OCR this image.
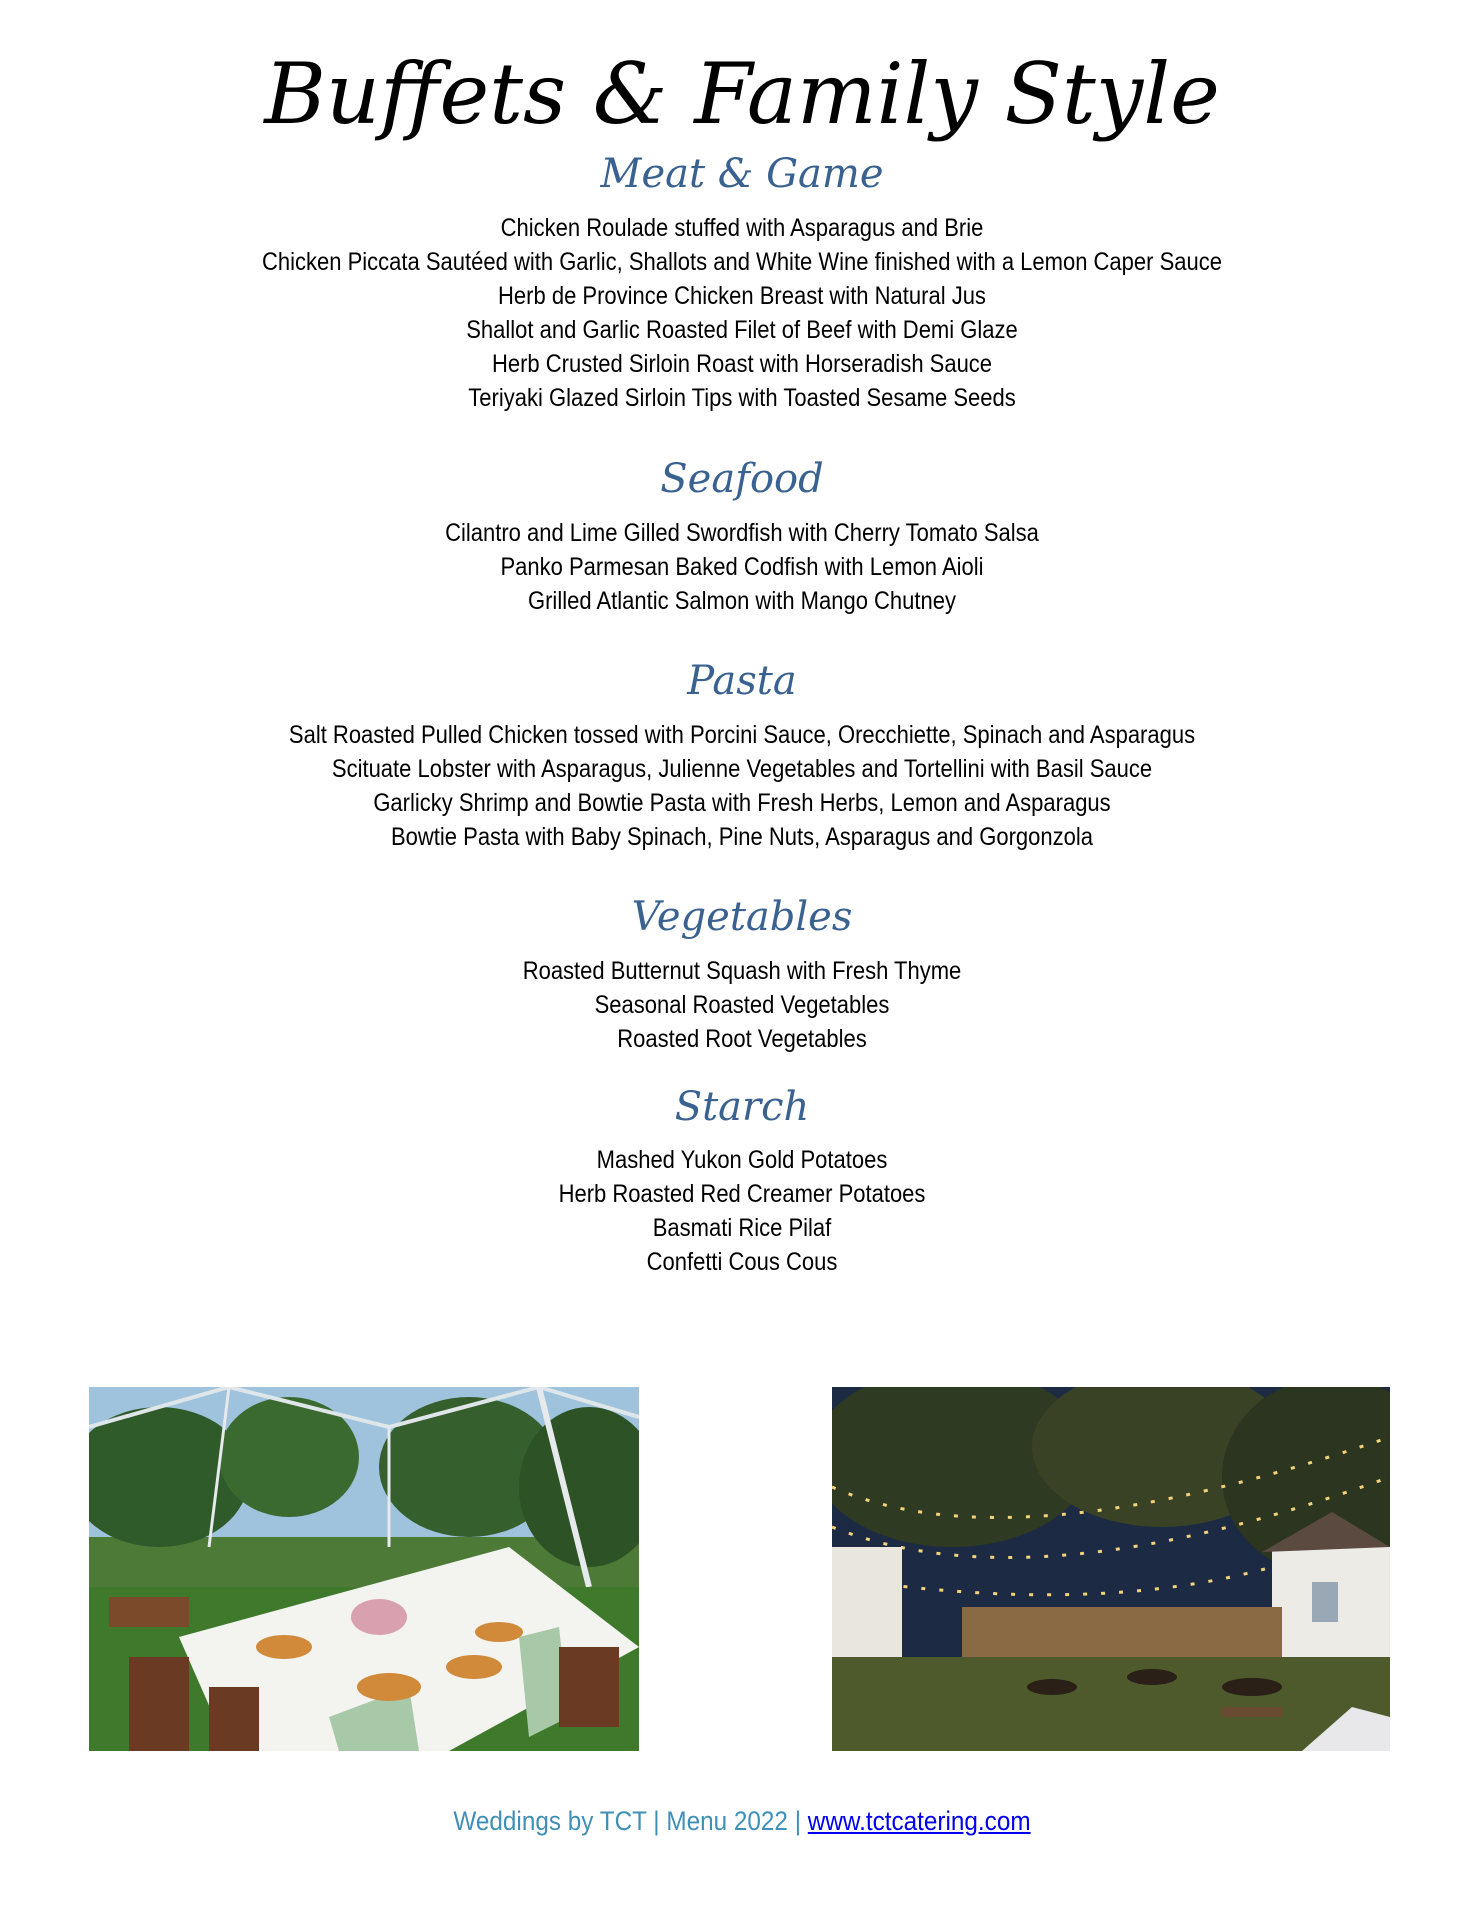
Buffets & Family Style
Meat & Game
Chicken Roulade stuffed with Asparagus and Brie
Chicken Piccata Sautéed with Garlic, Shallots and White Wine finished with a Lemon Caper Sauce
Herb de Province Chicken Breast with Natural Jus
Shallot and Garlic Roasted Filet of Beef with Demi Glaze
Herb Crusted Sirloin Roast with Horseradish Sauce
Teriyaki Glazed Sirloin Tips with Toasted Sesame Seeds
Seafood
Cilantro and Lime Gilled Swordfish with Cherry Tomato Salsa
Panko Parmesan Baked Codfish with Lemon Aioli
Grilled Atlantic Salmon with Mango Chutney
Pasta
Salt Roasted Pulled Chicken tossed with Porcini Sauce, Orecchiette, Spinach and Asparagus
Scituate Lobster with Asparagus, Julienne Vegetables and Tortellini with Basil Sauce
Garlicky Shrimp and Bowtie Pasta with Fresh Herbs, Lemon and Asparagus
Bowtie Pasta with Baby Spinach, Pine Nuts, Asparagus and Gorgonzola
Vegetables
Roasted Butternut Squash with Fresh Thyme
Seasonal Roasted Vegetables
Roasted Root Vegetables
Starch
Mashed Yukon Gold Potatoes
Herb Roasted Red Creamer Potatoes
Basmati Rice Pilaf
Confetti Cous Cous
Weddings by TCT | Menu 2022 | www.tctcatering.com
